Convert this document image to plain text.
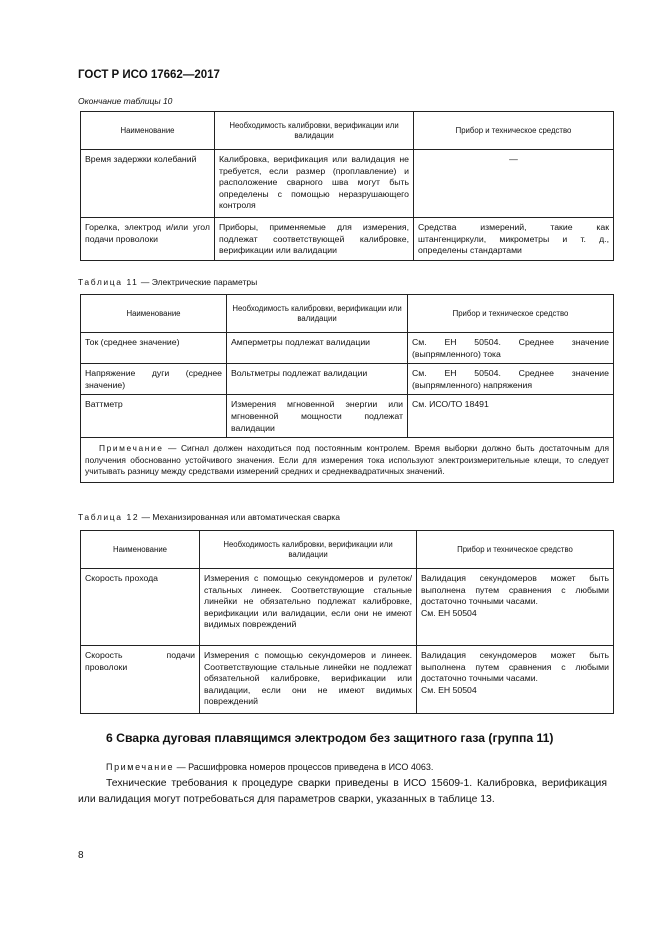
ГОСТ Р ИСО 17662—2017
Окончание таблицы 10
Наименование	Необходимость калибровки, верификации или валидации	Прибор и техническое средство
Время задержки колебаний	Калибровка, верификация или валидация не требуется, если размер (проплавление) и расположение сварного шва могут быть определены с помощью неразрушающего контроля	—
Горелка, электрод и/или угол подачи проволоки	Приборы, применяемые для измерения, подлежат соответствующей калибровке, верификации или валидации	Средства измерений, такие как штангенциркули, микрометры и т. д., определены стандартами
Таблица 11 — Электрические параметры
Наименование	Необходимость калибровки, верификации или валидации	Прибор и техническое средство
Ток (среднее значение)	Амперметры подлежат валидации	См. ЕН 50504. Среднее значение (выпрямленного) тока
Напряжение дуги (среднее значение)	Вольтметры подлежат валидации	См. ЕН 50504. Среднее значение (выпрямленного) напряжения
Ваттметр	Измерения мгновенной энергии или мгновенной мощности подлежат валидации	См. ИСО/ТО 18491
Примечание — Сигнал должен находиться под постоянным контролем. Время выборки должно быть достаточным для получения обоснованно устойчивого значения. Если для измерения тока используют электроизмерительные клещи, то следует учитывать разницу между средствами измерений средних и среднеквадратичных значений.		
Таблица 12 — Механизированная или автоматическая сварка
Наименование	Необходимость калибровки, верификации или валидации	Прибор и техническое средство
Скорость прохода	Измерения с помощью секундомеров и рулеток/стальных линеек. Соответствующие стальные линейки не обязательно подлежат калибровке, верификации или валидации, если они не имеют видимых повреждений	Валидация секундомеров может быть выполнена путем сравнения с любыми достаточно точными часами.
См. ЕН 50504
Скорость подачи проволоки	Измерения с помощью секундомеров и линеек. Соответствующие стальные линейки не подлежат обязательной калибровке, верификации или валидации, если они не имеют видимых повреждений	Валидация секундомеров может быть выполнена путем сравнения с любыми достаточно точными часами.
См. ЕН 50504
6 Сварка дуговая плавящимся электродом без защитного газа (группа 11)
Примечание — Расшифровка номеров процессов приведена в ИСО 4063.
Технические требования к процедуре сварки приведены в ИСО 15609-1. Калибровка, верификация или валидация могут потребоваться для параметров сварки, указанных в таблице 13.
8
